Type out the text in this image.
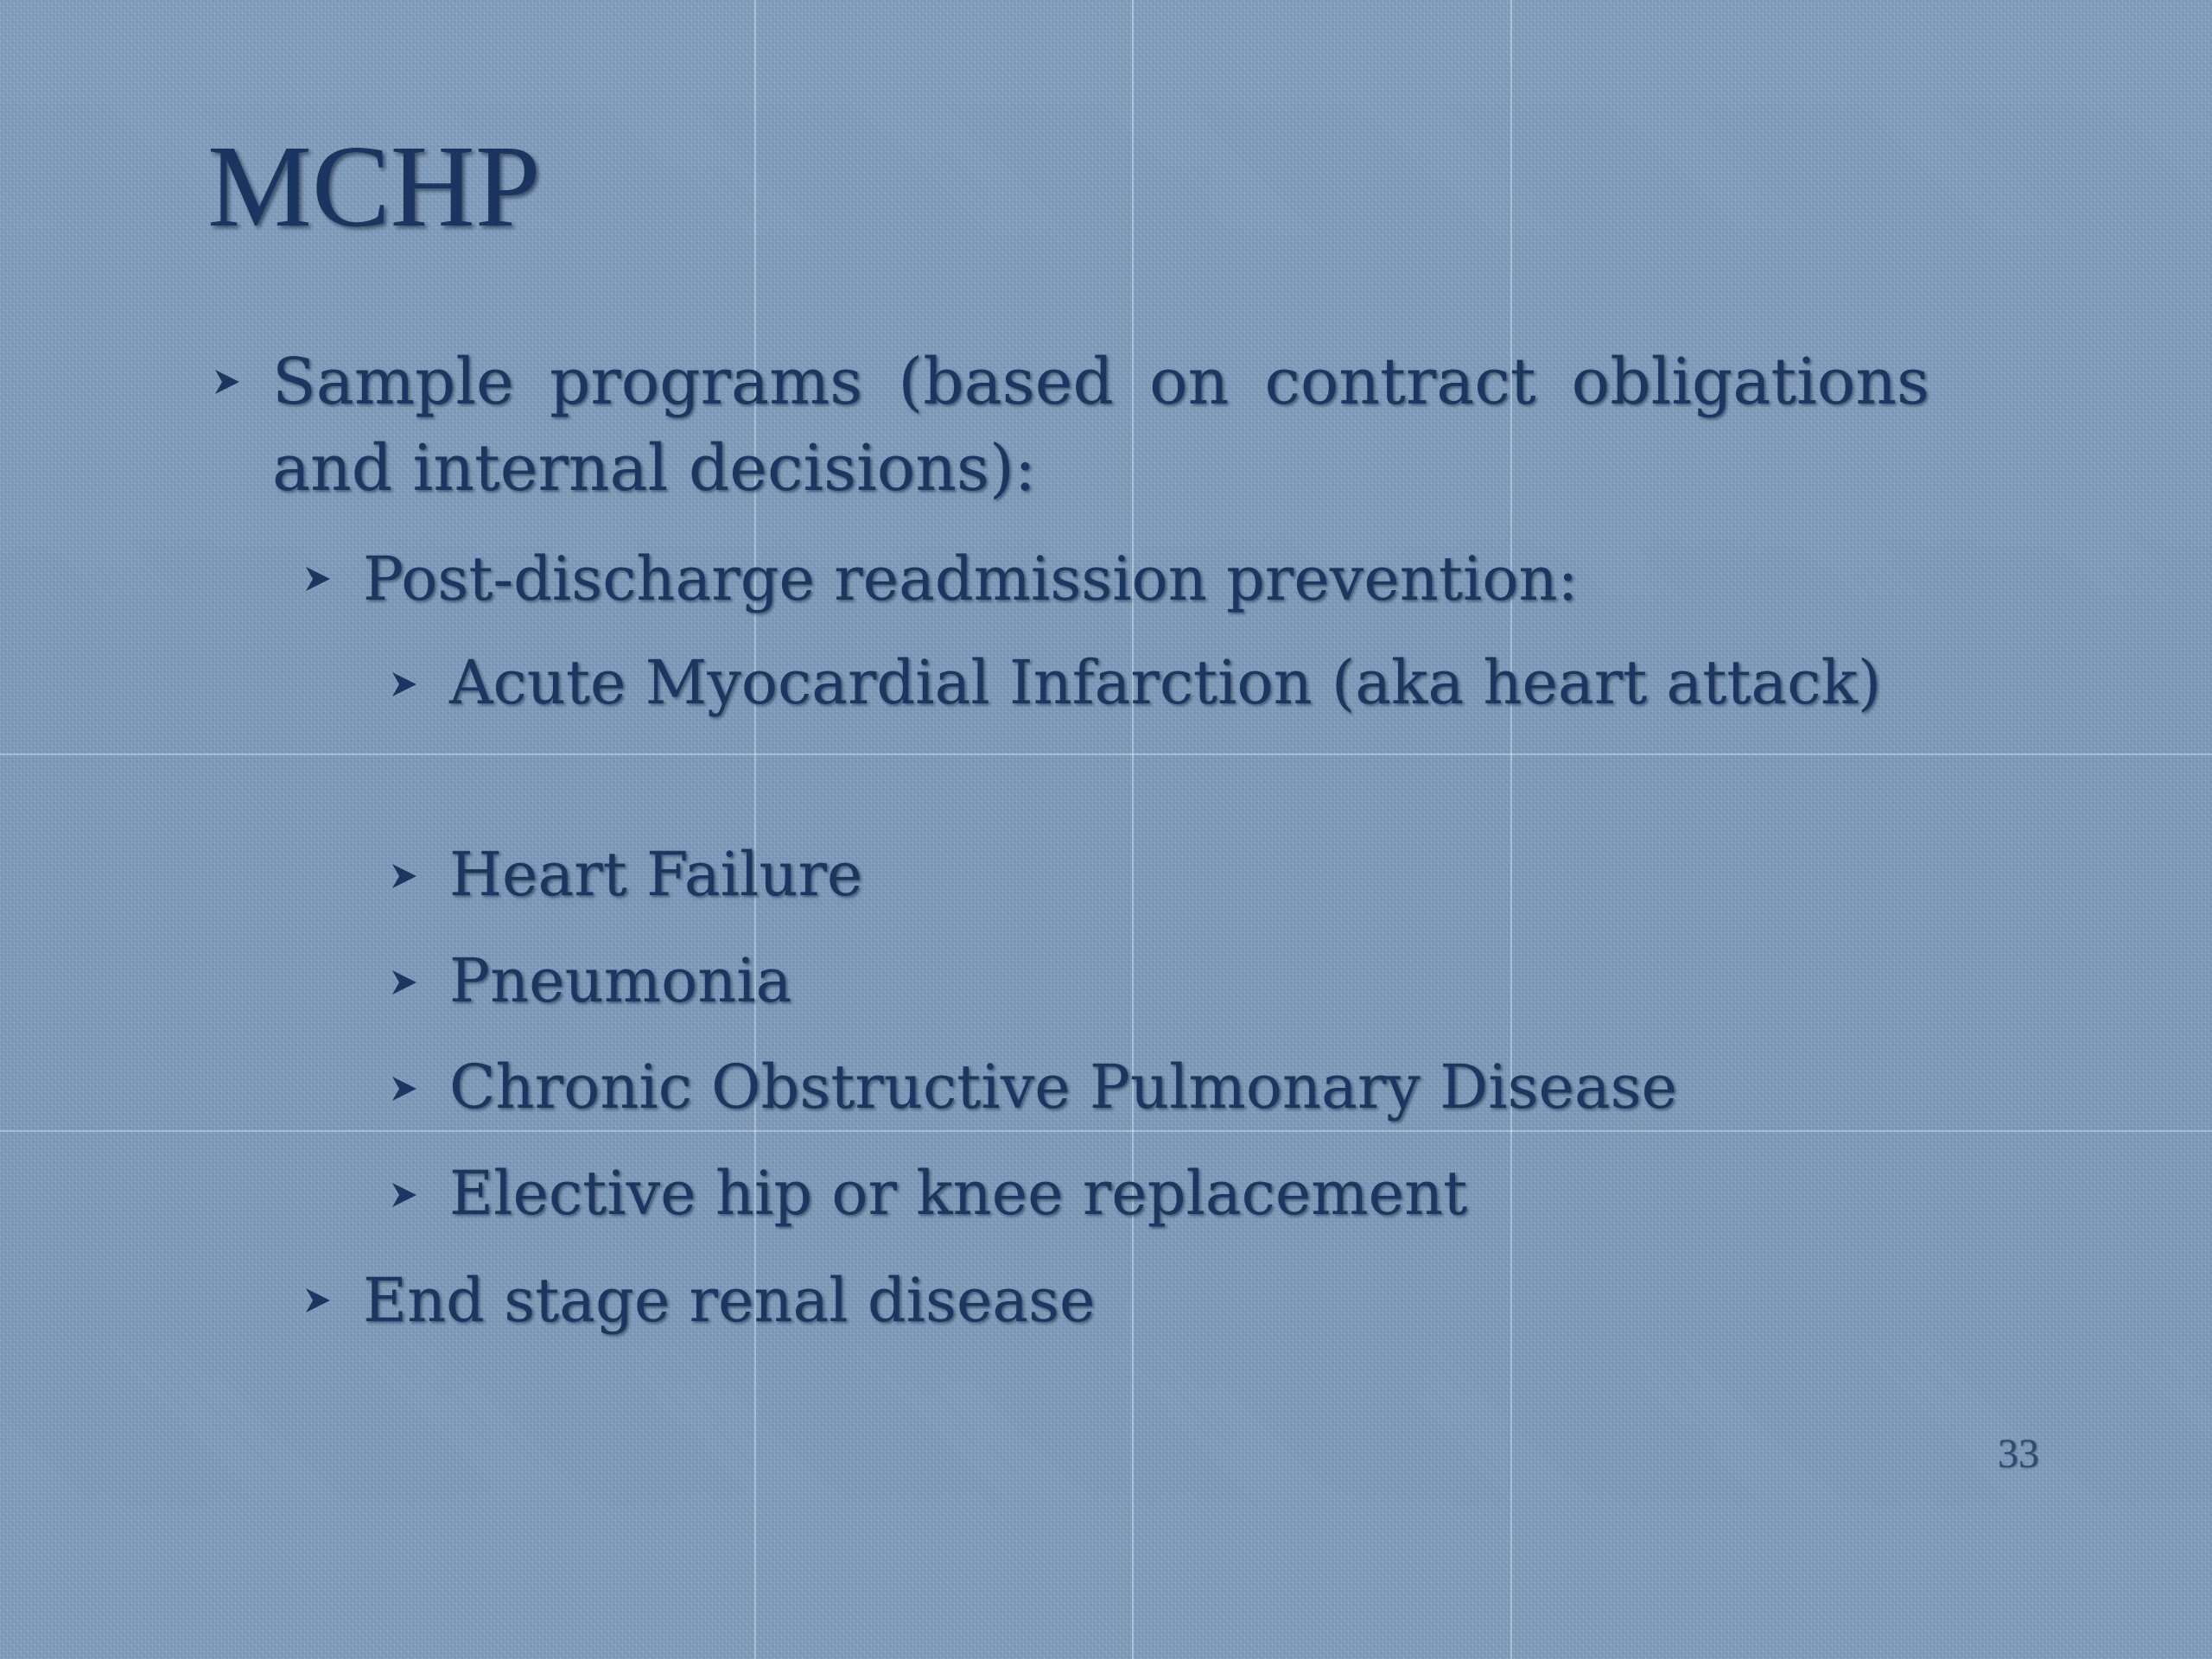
MCHP
Sample programs (based on contract obligations and internal decisions):
Post-discharge readmission prevention:
Acute Myocardial Infarction (aka heart attack)
Heart Failure
Pneumonia
Chronic Obstructive Pulmonary Disease
Elective hip or knee replacement
End stage renal disease
33
